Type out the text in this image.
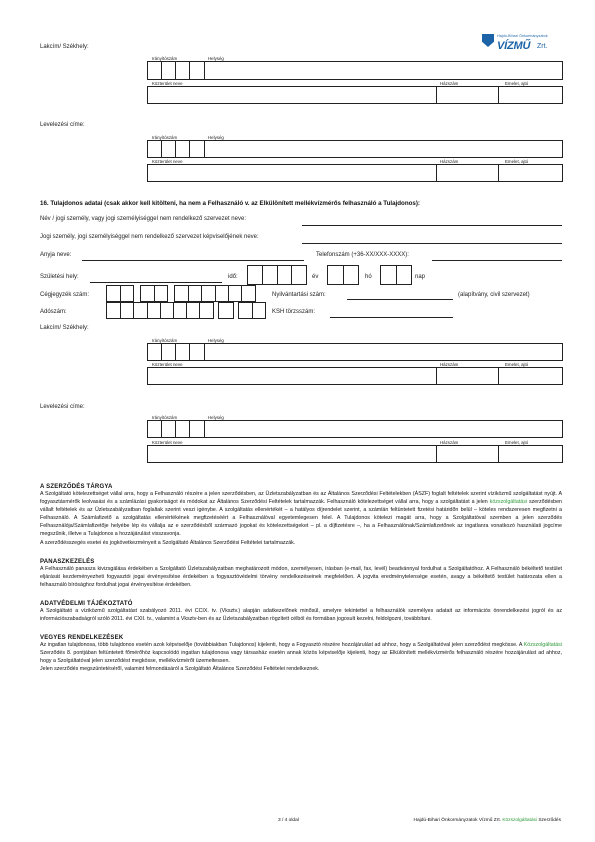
Hajdú-Bihari Önkormányzatok
VÍZMŰ Zrt.
Lakcím/ Székhely:
Irányítószám	Helység
Közterület neve	Házszám	Emelet, ajtó
Levelezési címe:
Irányítószám	Helység
Közterület neve	Házszám	Emelet, ajtó
16. Tulajdonos adatai (csak akkor kell kitölteni, ha nem a Felhasználó v. az Elkülönített mellékvízmérős felhasználó a Tulajdonos):
Név / jogi személy, vagy jogi személyiséggel nem rendelkező szervezet neve:
Jogi személy, jogi személyiséggel nem rendelkező szervezet képviselőjének neve:
Anyja neve:	Telefonszám (+36-XX/XXX-XXXX):
Születési hely:	idő:	év	hó	nap
Cégjegyzék szám:	Nyilvántartási szám:	(alapítvány, civil szervezet)
Adószám:	KSH törzsszám:
Lakcím/ Székhely:
Irányítószám	Helység
Közterület neve	Házszám	Emelet, ajtó
Levelezési címe:
Irányítószám	Helység
Közterület neve	Házszám	Emelet, ajtó
A SZERZŐDÉS TÁRGYA
A Szolgáltató kötelezettséget vállal arra, hogy a Felhasználó részére a jelen szerződésben, az Üzletszabályzatban és az Általános Szerződési Feltételekben (ÁSZF) foglalt feltételek szerint víziközmű szolgáltatást nyújt. A fogyasztásmérők leolvasási és a számlázási gyakoriságot és módokat az Általános Szerződési Feltételek tartalmazzák. Felhasználó kötelezettséget vállal arra, hogy a szolgáltatást a jelen közszolgáltatási szerződésben vállalt feltételek és az Üzletszabályzatban foglaltak szerint veszi igénybe. A szolgáltatás ellenértékét – a hatályos díjrendelet szerint, a számlán feltüntetett fizetési határidőn belül – köteles rendszeresen megfizetni a Felhasználó. A Számlafizető a szolgáltatás ellenértékének megfizetéséért a Felhasználóval egyetemlegesen felel. A Tulajdonos kötelezi magát arra, hogy a Szolgáltatóval szemben a jelen szerződés Felhasználója/Számlafizetője helyébe lép és vállalja az e szerződésből származó jogokat és kötelezettségeket – pl. a díjfizetésre –, ha a Felhasználónak/Számlafizetőnek az ingatlanra vonatkozó használati jogcíme megszűnik, illetve a Tulajdonos a hozzájárulást visszavonja.
A szerződésszegés esetei és jogkövetkezményeit a Szolgáltató Általános Szerződési Feltételei tartalmazzák.
PANASZKEZELÉS
A Felhasználó panasza kivizsgálása érdekében a Szolgáltató Üzletszabályzatban meghatározott módon, személyesen, írásban (e-mail, fax, levél) beadvánnyal fordulhat a Szolgáltatóhoz. A Felhasználó békéltető testület eljárását kezdeményezheti fogyasztói jogai érvényesítése érdekében a fogyasztóvédelmi törvény rendelkezéseinek megfelelően. A jogvita eredménytelensége esetén, avagy a békéltető testület határozata ellen a felhasználó bírósághoz fordulhat jogai érvényesítése érdekében.
ADATVÉDELMI TÁJÉKOZTATÓ
A Szolgáltató a víziközmű szolgáltatást szabályozó 2011. évi CCIX. tv. (Vksztv.) alapján adatkezelőnek minősül, amelyre tekintettel a felhasználók személyes adatait az információs önrendelkezési jogról és az információszabadságról szóló 2011. évi CXII. tv., valamint a Vksztv-ben és az Üzletszabályzatban rögzített célból és formában jogosult kezelni, feldolgozni, továbbítani.
VEGYES RENDELKEZÉSEK
Az ingatlan tulajdonosa, több tulajdonos esetén azok képviselője (továbbiakban Tulajdonos) kijelenti, hogy a Fogyasztó részére hozzájárulást ad ahhoz, hogy a Szolgáltatóval jelen szerződést megkösse. A Közszolgáltatási Szerződés 8. pontjában feltüntetett főmérőhöz kapcsolódó ingatlan tulajdonosa vagy társasház esetén annak közös képviselője kijelenti, hogy az Elkülönített mellékvízmérős felhasználó részére hozzájárulást ad ahhoz, hogy a Szolgáltatóval jelen szerződést megkösse, mellékvízmérőt üzemeltessen.
Jelen szerződés megszüntetéséről, valamint felmondásáról a Szolgáltató Általános Szerződési Feltételei rendelkeznek.
3 / 4 oldal	Hajdú-Bihari Önkormányzatok Vízmű Zrt. Közszolgáltatási Szerződés
